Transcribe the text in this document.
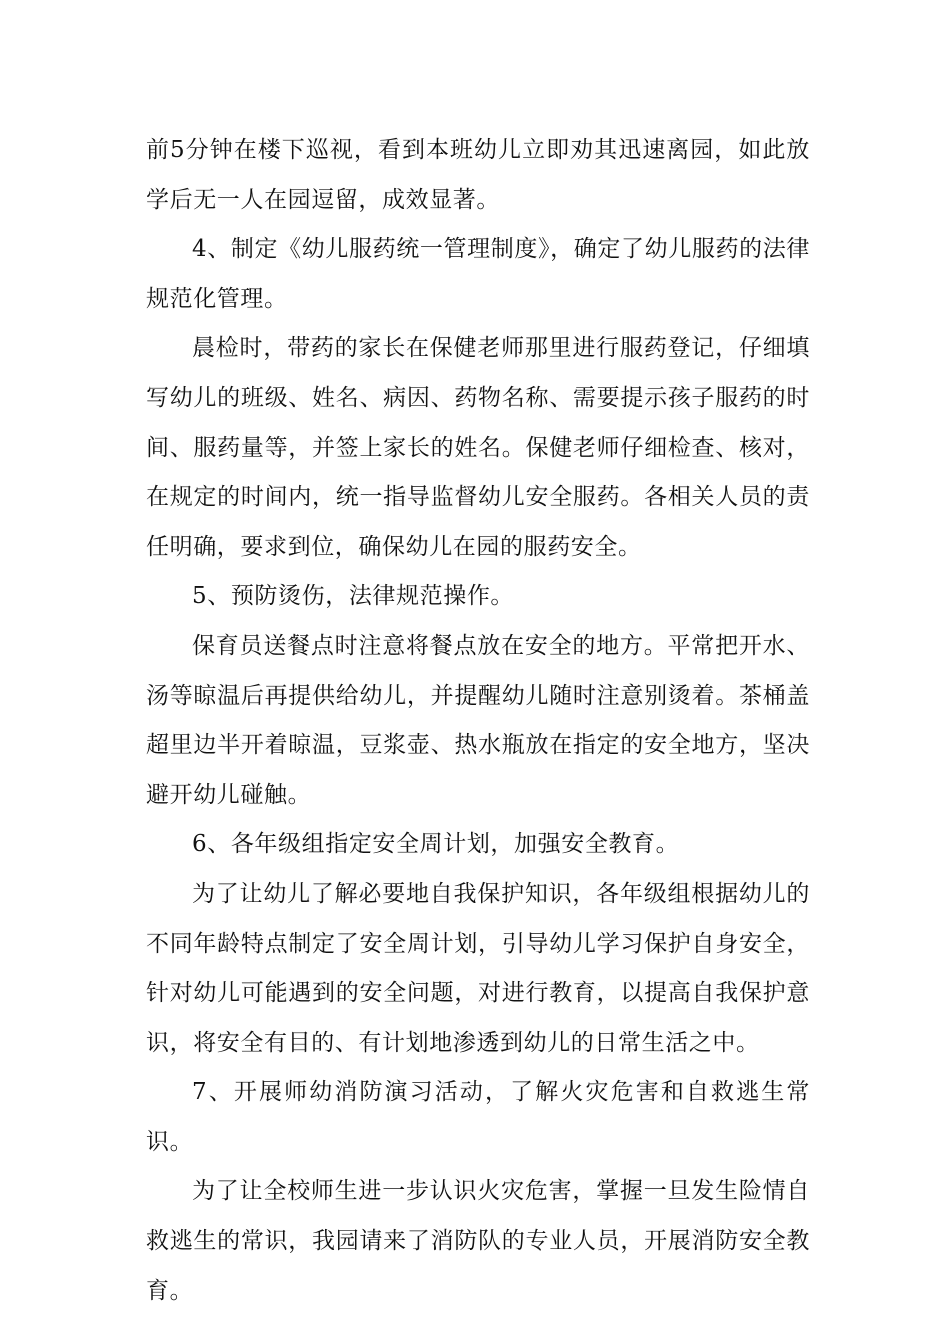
前5分钟在楼下巡视，看到本班幼儿立即劝其迅速离园，如此放学后无一人在园逗留，成效显著。

4、制定《幼儿服药统一管理制度》，确定了幼儿服药的法律规范化管理。

晨检时，带药的家长在保健老师那里进行服药登记，仔细填写幼儿的班级、姓名、病因、药物名称、需要提示孩子服药的时间、服药量等，并签上家长的姓名。保健老师仔细检查、核对，在规定的时间内，统一指导监督幼儿安全服药。各相关人员的责任明确，要求到位，确保幼儿在园的服药安全。

5、预防烫伤，法律规范操作。

保育员送餐点时注意将餐点放在安全的地方。平常把开水、汤等晾温后再提供给幼儿，并提醒幼儿随时注意别烫着。茶桶盖超里边半开着晾温，豆浆壶、热水瓶放在指定的安全地方，坚决避开幼儿碰触。

6、各年级组指定安全周计划，加强安全教育。

为了让幼儿了解必要地自我保护知识，各年级组根据幼儿的不同年龄特点制定了安全周计划，引导幼儿学习保护自身安全，针对幼儿可能遇到的安全问题，对进行教育，以提高自我保护意识，将安全有目的、有计划地渗透到幼儿的日常生活之中。

7、开展师幼消防演习活动，了解火灾危害和自救逃生常识。

为了让全校师生进一步认识火灾危害，掌握一旦发生险情自救逃生的常识，我园请来了消防队的专业人员，开展消防安全教育。
